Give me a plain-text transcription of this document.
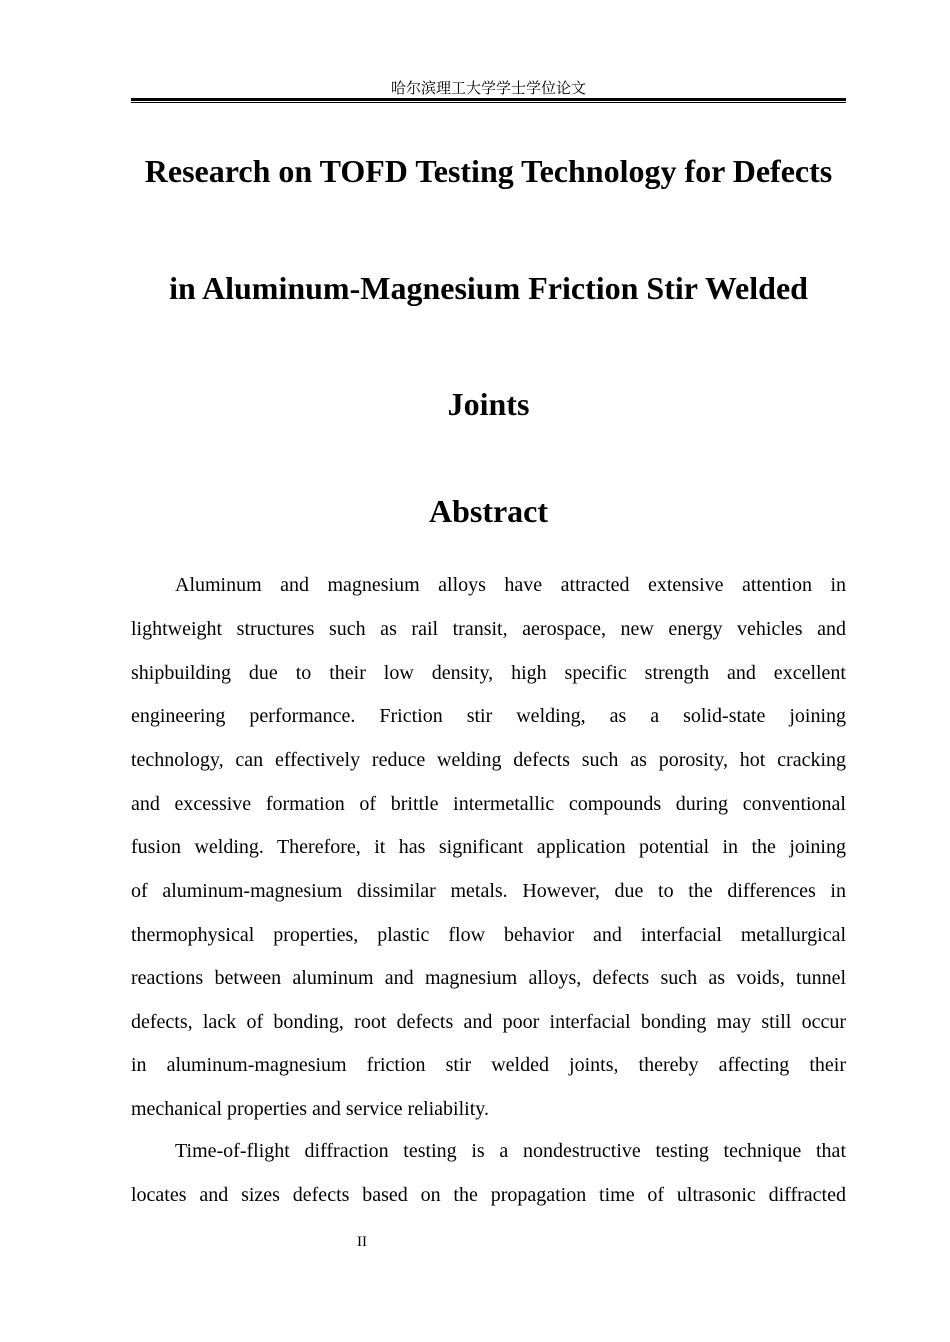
哈尔滨理工大学学士学位论文
Research on TOFD Testing Technology for Defects
in Aluminum-Magnesium Friction Stir Welded
Joints
Abstract
Aluminum and magnesium alloys have attracted extensive attention in
lightweight structures such as rail transit, aerospace, new energy vehicles and
shipbuilding due to their low density, high specific strength and excellent
engineering performance. Friction stir welding, as a solid-state joining
technology, can effectively reduce welding defects such as porosity, hot cracking
and excessive formation of brittle intermetallic compounds during conventional
fusion welding. Therefore, it has significant application potential in the joining
of aluminum-magnesium dissimilar metals. However, due to the differences in
thermophysical properties, plastic flow behavior and interfacial metallurgical
reactions between aluminum and magnesium alloys, defects such as voids, tunnel
defects, lack of bonding, root defects and poor interfacial bonding may still occur
in aluminum-magnesium friction stir welded joints, thereby affecting their
mechanical properties and service reliability.
Time-of-flight diffraction testing is a nondestructive testing technique that
locates and sizes defects based on the propagation time of ultrasonic diffracted
II
